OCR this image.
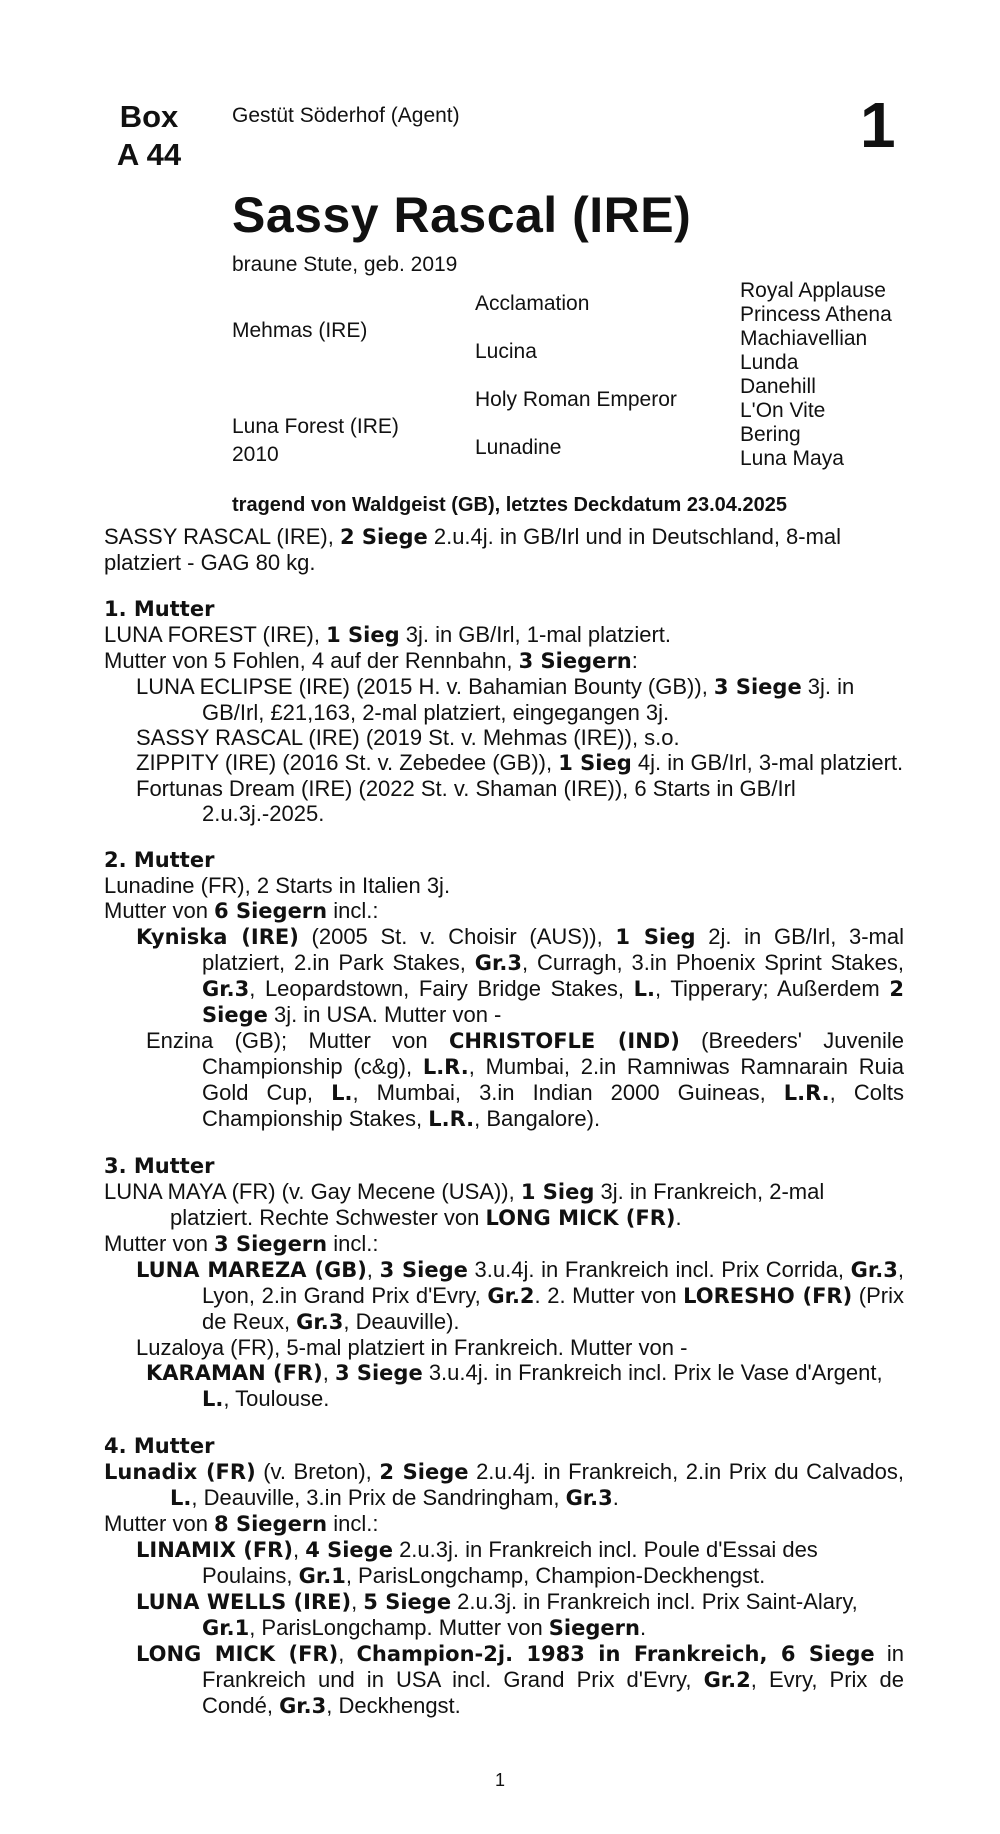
Box
A 44
Gestüt Söderhof (Agent)	1
Sassy Rascal (IRE)
braune Stute, geb. 2019
Mehmas (IRE)
Luna Forest (IRE)
2010
Acclamation
Lucina
Holy Roman Emperor
Lunadine
Royal Applause
Princess Athena
Machiavellian
Lunda
Danehill
L'On Vite
Bering
Luna Maya
tragend von Waldgeist (GB), letztes Deckdatum 23.04.2025

SASSY RASCAL (IRE), 2 Siege 2.u.4j. in GB/Irl und in Deutschland, 8-mal platziert - GAG 80 kg.

1. Mutter

LUNA FOREST (IRE), 1 Sieg 3j. in GB/Irl, 1-mal platziert.

Mutter von 5 Fohlen, 4 auf der Rennbahn, 3 Siegern:

LUNA ECLIPSE (IRE) (2015 H. v. Bahamian Bounty (GB)), 3 Siege 3j. in GB/Irl, £21,163, 2-mal platziert, eingegangen 3j.

SASSY RASCAL (IRE) (2019 St. v. Mehmas (IRE)), s.o.

ZIPPITY (IRE) (2016 St. v. Zebedee (GB)), 1 Sieg 4j. in GB/Irl, 3-mal platziert.

Fortunas Dream (IRE) (2022 St. v. Shaman (IRE)), 6 Starts in GB/Irl 2.u.3j.-2025.

2. Mutter

Lunadine (FR), 2 Starts in Italien 3j.

Mutter von 6 Siegern incl.:

Kyniska (IRE) (2005 St. v. Choisir (AUS)), 1 Sieg 2j. in GB/Irl, 3-mal platziert, 2.in Park Stakes, Gr.3, Curragh, 3.in Phoenix Sprint Stakes, Gr.3, Leopardstown, Fairy Bridge Stakes, L., Tipperary; Außerdem 2 Siege 3j. in USA. Mutter von -

Enzina (GB); Mutter von CHRISTOFLE (IND) (Breeders' Juvenile Championship (c&g), L.R., Mumbai, 2.in Ramniwas Ramnarain Ruia Gold Cup, L., Mumbai, 3.in Indian 2000 Guineas, L.R., Colts Championship Stakes, L.R., Bangalore).

3. Mutter

LUNA MAYA (FR) (v. Gay Mecene (USA)), 1 Sieg 3j. in Frankreich, 2-mal platziert. Rechte Schwester von LONG MICK (FR).

Mutter von 3 Siegern incl.:

LUNA MAREZA (GB), 3 Siege 3.u.4j. in Frankreich incl. Prix Corrida, Gr.3, Lyon, 2.in Grand Prix d'Evry, Gr.2. 2. Mutter von LORESHO (FR) (Prix de Reux, Gr.3, Deauville).

Luzaloya (FR), 5-mal platziert in Frankreich. Mutter von -

KARAMAN (FR), 3 Siege 3.u.4j. in Frankreich incl. Prix le Vase d'Argent, L., Toulouse.

4. Mutter

Lunadix (FR) (v. Breton), 2 Siege 2.u.4j. in Frankreich, 2.in Prix du Calvados, L., Deauville, 3.in Prix de Sandringham, Gr.3.

Mutter von 8 Siegern incl.:

LINAMIX (FR), 4 Siege 2.u.3j. in Frankreich incl. Poule d'Essai des Poulains, Gr.1, ParisLongchamp, Champion-Deckhengst.

LUNA WELLS (IRE), 5 Siege 2.u.3j. in Frankreich incl. Prix Saint-Alary, Gr.1, ParisLongchamp. Mutter von Siegern.

LONG MICK (FR), Champion-2j. 1983 in Frankreich, 6 Siege in Frankreich und in USA incl. Grand Prix d'Evry, Gr.2, Evry, Prix de Condé, Gr.3, Deckhengst.

1
